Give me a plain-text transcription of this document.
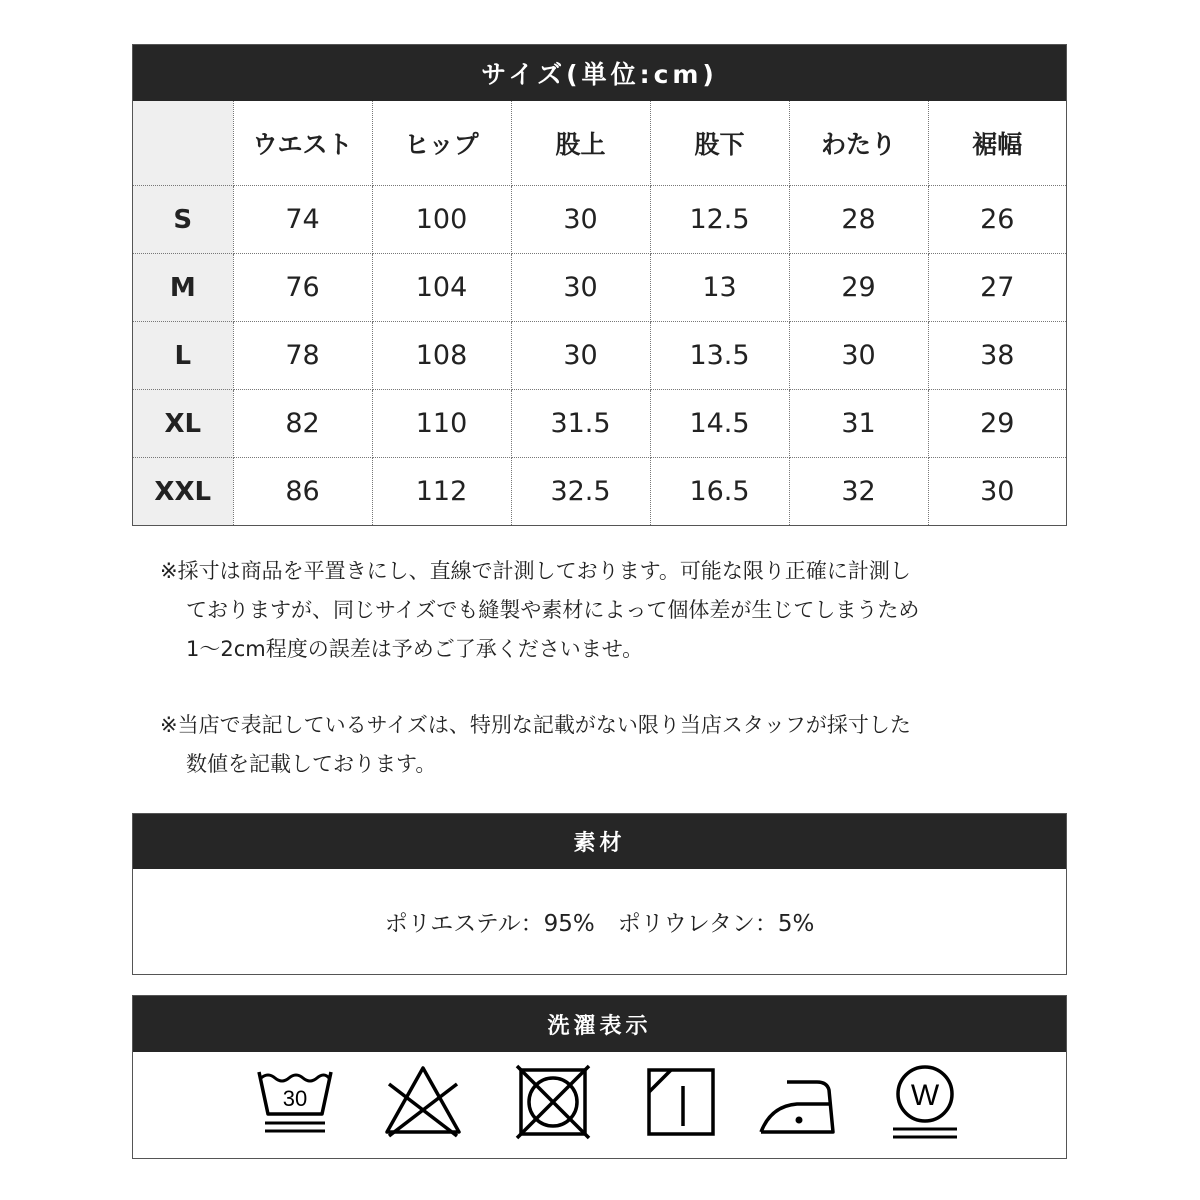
サイズ(単位:cm)
	ウエスト	ヒップ	股上	股下	わたり	裾幅
S	74	100	30	12.5	28	26
M	76	104	30	13	29	27
L	78	108	30	13.5	30	38
XL	82	110	31.5	14.5	31	29
XXL	86	112	32.5	16.5	32	30

※採寸は商品を平置きにし、直線で計測しております。可能な限り正確に計測し
ておりますが、同じサイズでも縫製や素材によって個体差が生じてしまうため
1〜2cm程度の誤差は予めご了承くださいませ。

※当店で表記しているサイズは、特別な記載がない限り当店スタッフが採寸した
数値を記載しております。

素材
ポリエステル：95%　ポリウレタン：5%
洗濯表示
30	W
